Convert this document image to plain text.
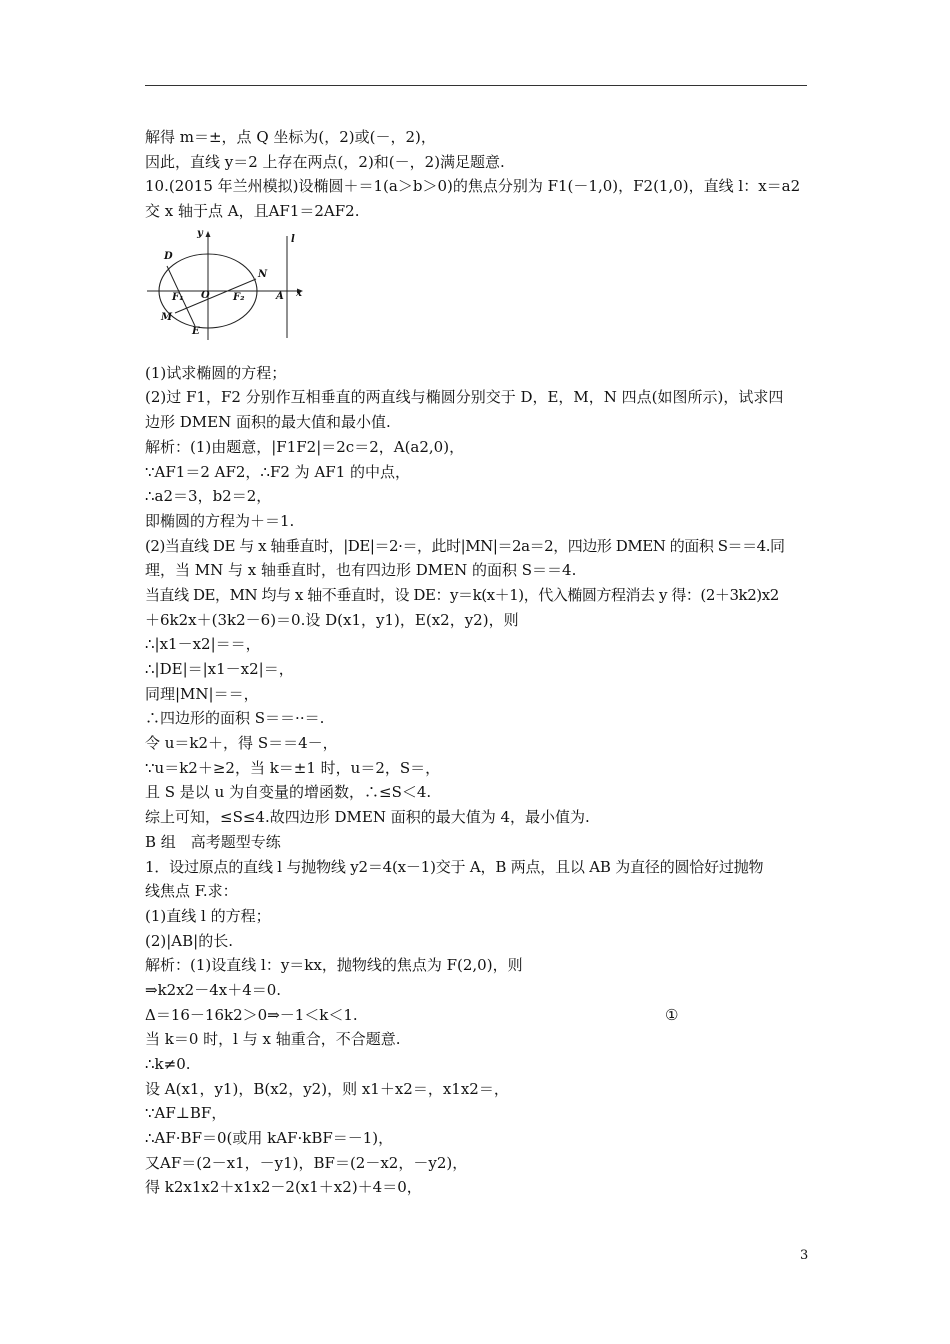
解得 m＝±，点 Q 坐标为(，2)或(－，2)，
因此，直线 y＝2 上存在两点(，2)和(－，2)满足题意.
10.(2015 年兰州模拟)设椭圆＋＝1(a＞b＞0)的焦点分别为 F1(－1,0)，F2(1,0)，直线 l：x＝a2
交 x 轴于点 A，且AF1＝2AF2.
y
l
D
N
F₁ O F₂	A x
M
E
(1)试求椭圆的方程；
(2)过 F1，F2 分别作互相垂直的两直线与椭圆分别交于 D，E，M，N 四点(如图所示)，试求四
边形 DMEN 面积的最大值和最小值.
解析：(1)由题意，|F1F2|＝2c＝2，A(a2,0)，
∵AF1＝2 AF2，∴F2 为 AF1 的中点，
∴a2＝3，b2＝2，
即椭圆的方程为＋＝1.
(2)当直线 DE 与 x 轴垂直时，|DE|＝2·＝，此时|MN|＝2a＝2，四边形 DMEN 的面积 S＝＝4.同
理，当 MN 与 x 轴垂直时，也有四边形 DMEN 的面积 S＝＝4.
当直线 DE，MN 均与 x 轴不垂直时，设 DE：y＝k(x＋1)，代入椭圆方程消去 y 得：(2＋3k2)x2
＋6k2x＋(3k2－6)＝0.设 D(x1，y1)，E(x2，y2)，则
∴|x1－x2|＝＝，
∴|DE|＝|x1－x2|＝，
同理|MN|＝＝，
∴四边形的面积 S＝＝··＝.
令 u＝k2＋，得 S＝＝4－，
∵u＝k2＋≥2，当 k＝±1 时，u＝2，S＝，
且 S 是以 u 为自变量的增函数，∴≤S＜4.
综上可知，≤S≤4.故四边形 DMEN 面积的最大值为 4，最小值为.
B 组　高考题型专练
1．设过原点的直线 l 与抛物线 y2＝4(x－1)交于 A，B 两点，且以 AB 为直径的圆恰好过抛物
线焦点 F.求：
(1)直线 l 的方程；
(2)|AB|的长.
解析：(1)设直线 l：y＝kx，抛物线的焦点为 F(2,0)，则
⇒k2x2－4x＋4＝0.
Δ＝16－16k2＞0⇒－1＜k＜1.	①
当 k＝0 时，l 与 x 轴重合，不合题意.
∴k≠0.
设 A(x1，y1)，B(x2，y2)，则 x1＋x2＝，x1x2＝，
∵AF⊥BF，
∴AF·BF＝0(或用 kAF·kBF＝－1)，
又AF＝(2－x1，－y1)，BF＝(2－x2，－y2)，
得 k2x1x2＋x1x2－2(x1＋x2)＋4＝0，
3
